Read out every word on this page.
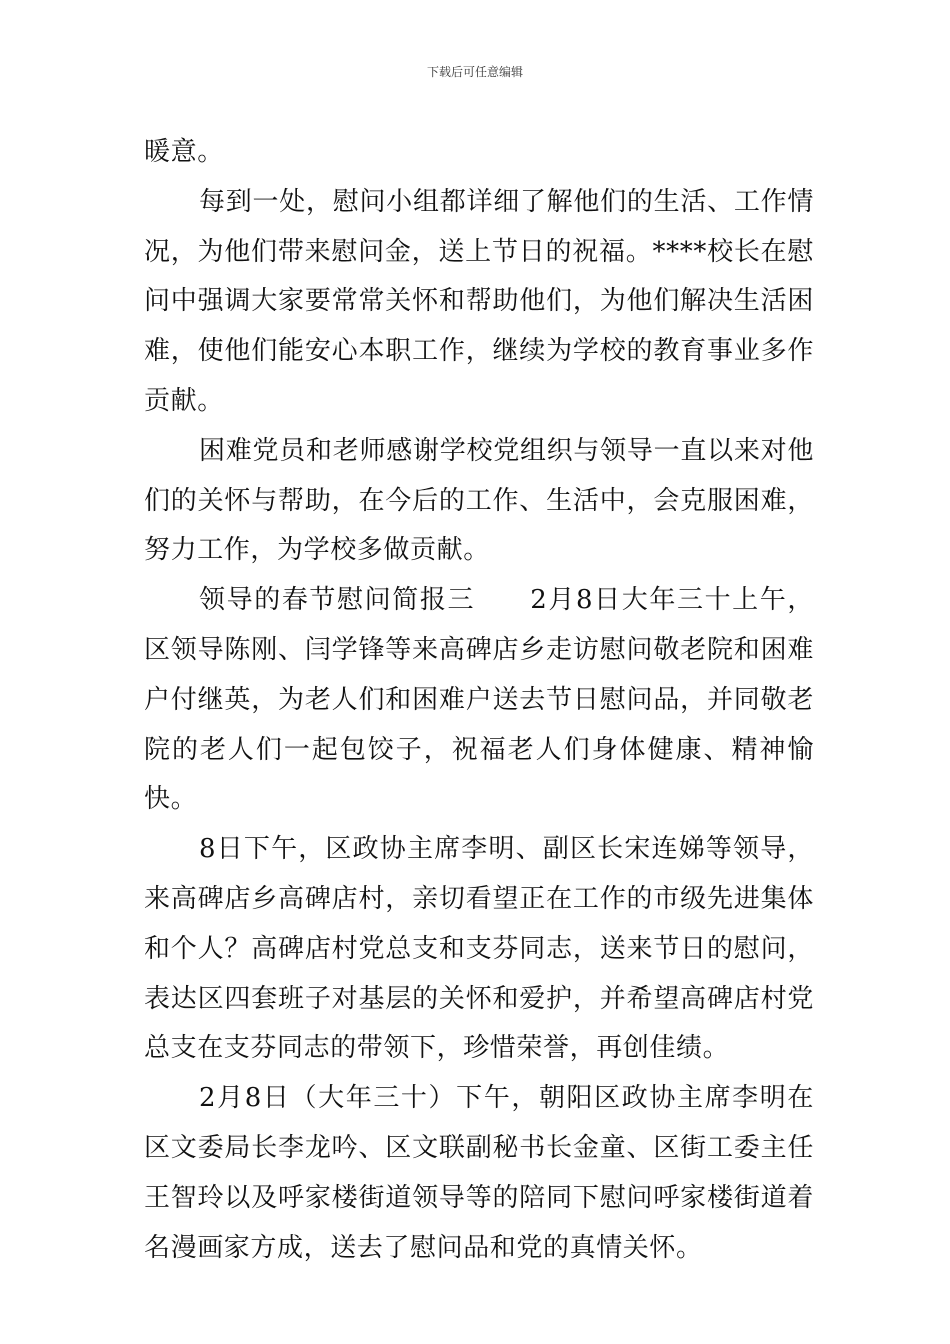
下载后可任意编辑

暖意。

每到一处，慰问小组都详细了解他们的生活、工作情况，为他们带来慰问金，送上节日的祝福。****校长在慰问中强调大家要常常关怀和帮助他们，为他们解决生活困难，使他们能安心本职工作，继续为学校的教育事业多作贡献。

困难党员和老师感谢学校党组织与领导一直以来对他们的关怀与帮助，在今后的工作、生活中，会克服困难，努力工作，为学校多做贡献。

领导的春节慰问简报三　　2月8日大年三十上午，区领导陈刚、闫学锋等来高碑店乡走访慰问敬老院和困难户付继英，为老人们和困难户送去节日慰问品，并同敬老院的老人们一起包饺子，祝福老人们身体健康、精神愉快。

8日下午，区政协主席李明、副区长宋连娣等领导，来高碑店乡高碑店村，亲切看望正在工作的市级先进集体和个人？高碑店村党总支和支芬同志，送来节日的慰问，表达区四套班子对基层的关怀和爱护，并希望高碑店村党总支在支芬同志的带领下，珍惜荣誉，再创佳绩。

2月8日（大年三十）下午，朝阳区政协主席李明在区文委局长李龙吟、区文联副秘书长金童、区街工委主任王智玲以及呼家楼街道领导等的陪同下慰问呼家楼街道着名漫画家方成，送去了慰问品和党的真情关怀。
